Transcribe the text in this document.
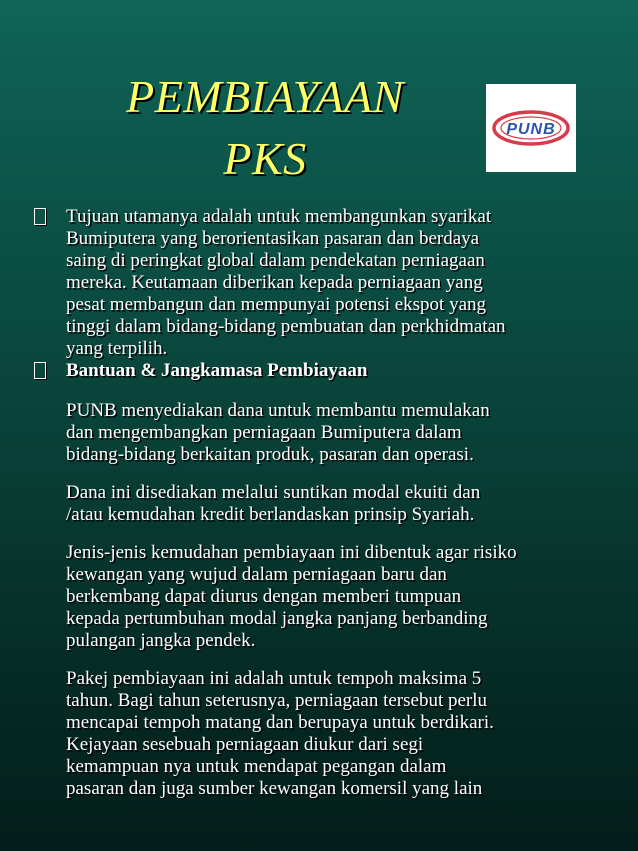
PEMBIAYAAN
PKS
PUNB
Tujuan utamanya adalah untuk membangunkan syarikat
Bumiputera yang berorientasikan pasaran dan berdaya
saing di peringkat global dalam pendekatan perniagaan
mereka. Keutamaan diberikan kepada perniagaan yang
pesat membangun dan mempunyai potensi ekspot yang
tinggi dalam bidang-bidang pembuatan dan perkhidmatan
yang terpilih.
Bantuan & Jangkamasa Pembiayaan
PUNB menyediakan dana untuk membantu memulakan
dan mengembangkan perniagaan Bumiputera dalam
bidang-bidang berkaitan produk, pasaran dan operasi.
Dana ini disediakan melalui suntikan modal ekuiti dan
/atau kemudahan kredit berlandaskan prinsip Syariah.
Jenis-jenis kemudahan pembiayaan ini dibentuk agar risiko
kewangan yang wujud dalam perniagaan baru dan
berkembang dapat diurus dengan memberi tumpuan
kepada pertumbuhan modal jangka panjang berbanding
pulangan jangka pendek.
Pakej pembiayaan ini adalah untuk tempoh maksima 5
tahun. Bagi tahun seterusnya, perniagaan tersebut perlu
mencapai tempoh matang dan berupaya untuk berdikari.
Kejayaan sesebuah perniagaan diukur dari segi
kemampuan nya untuk mendapat pegangan dalam
pasaran dan juga sumber kewangan komersil yang lain
